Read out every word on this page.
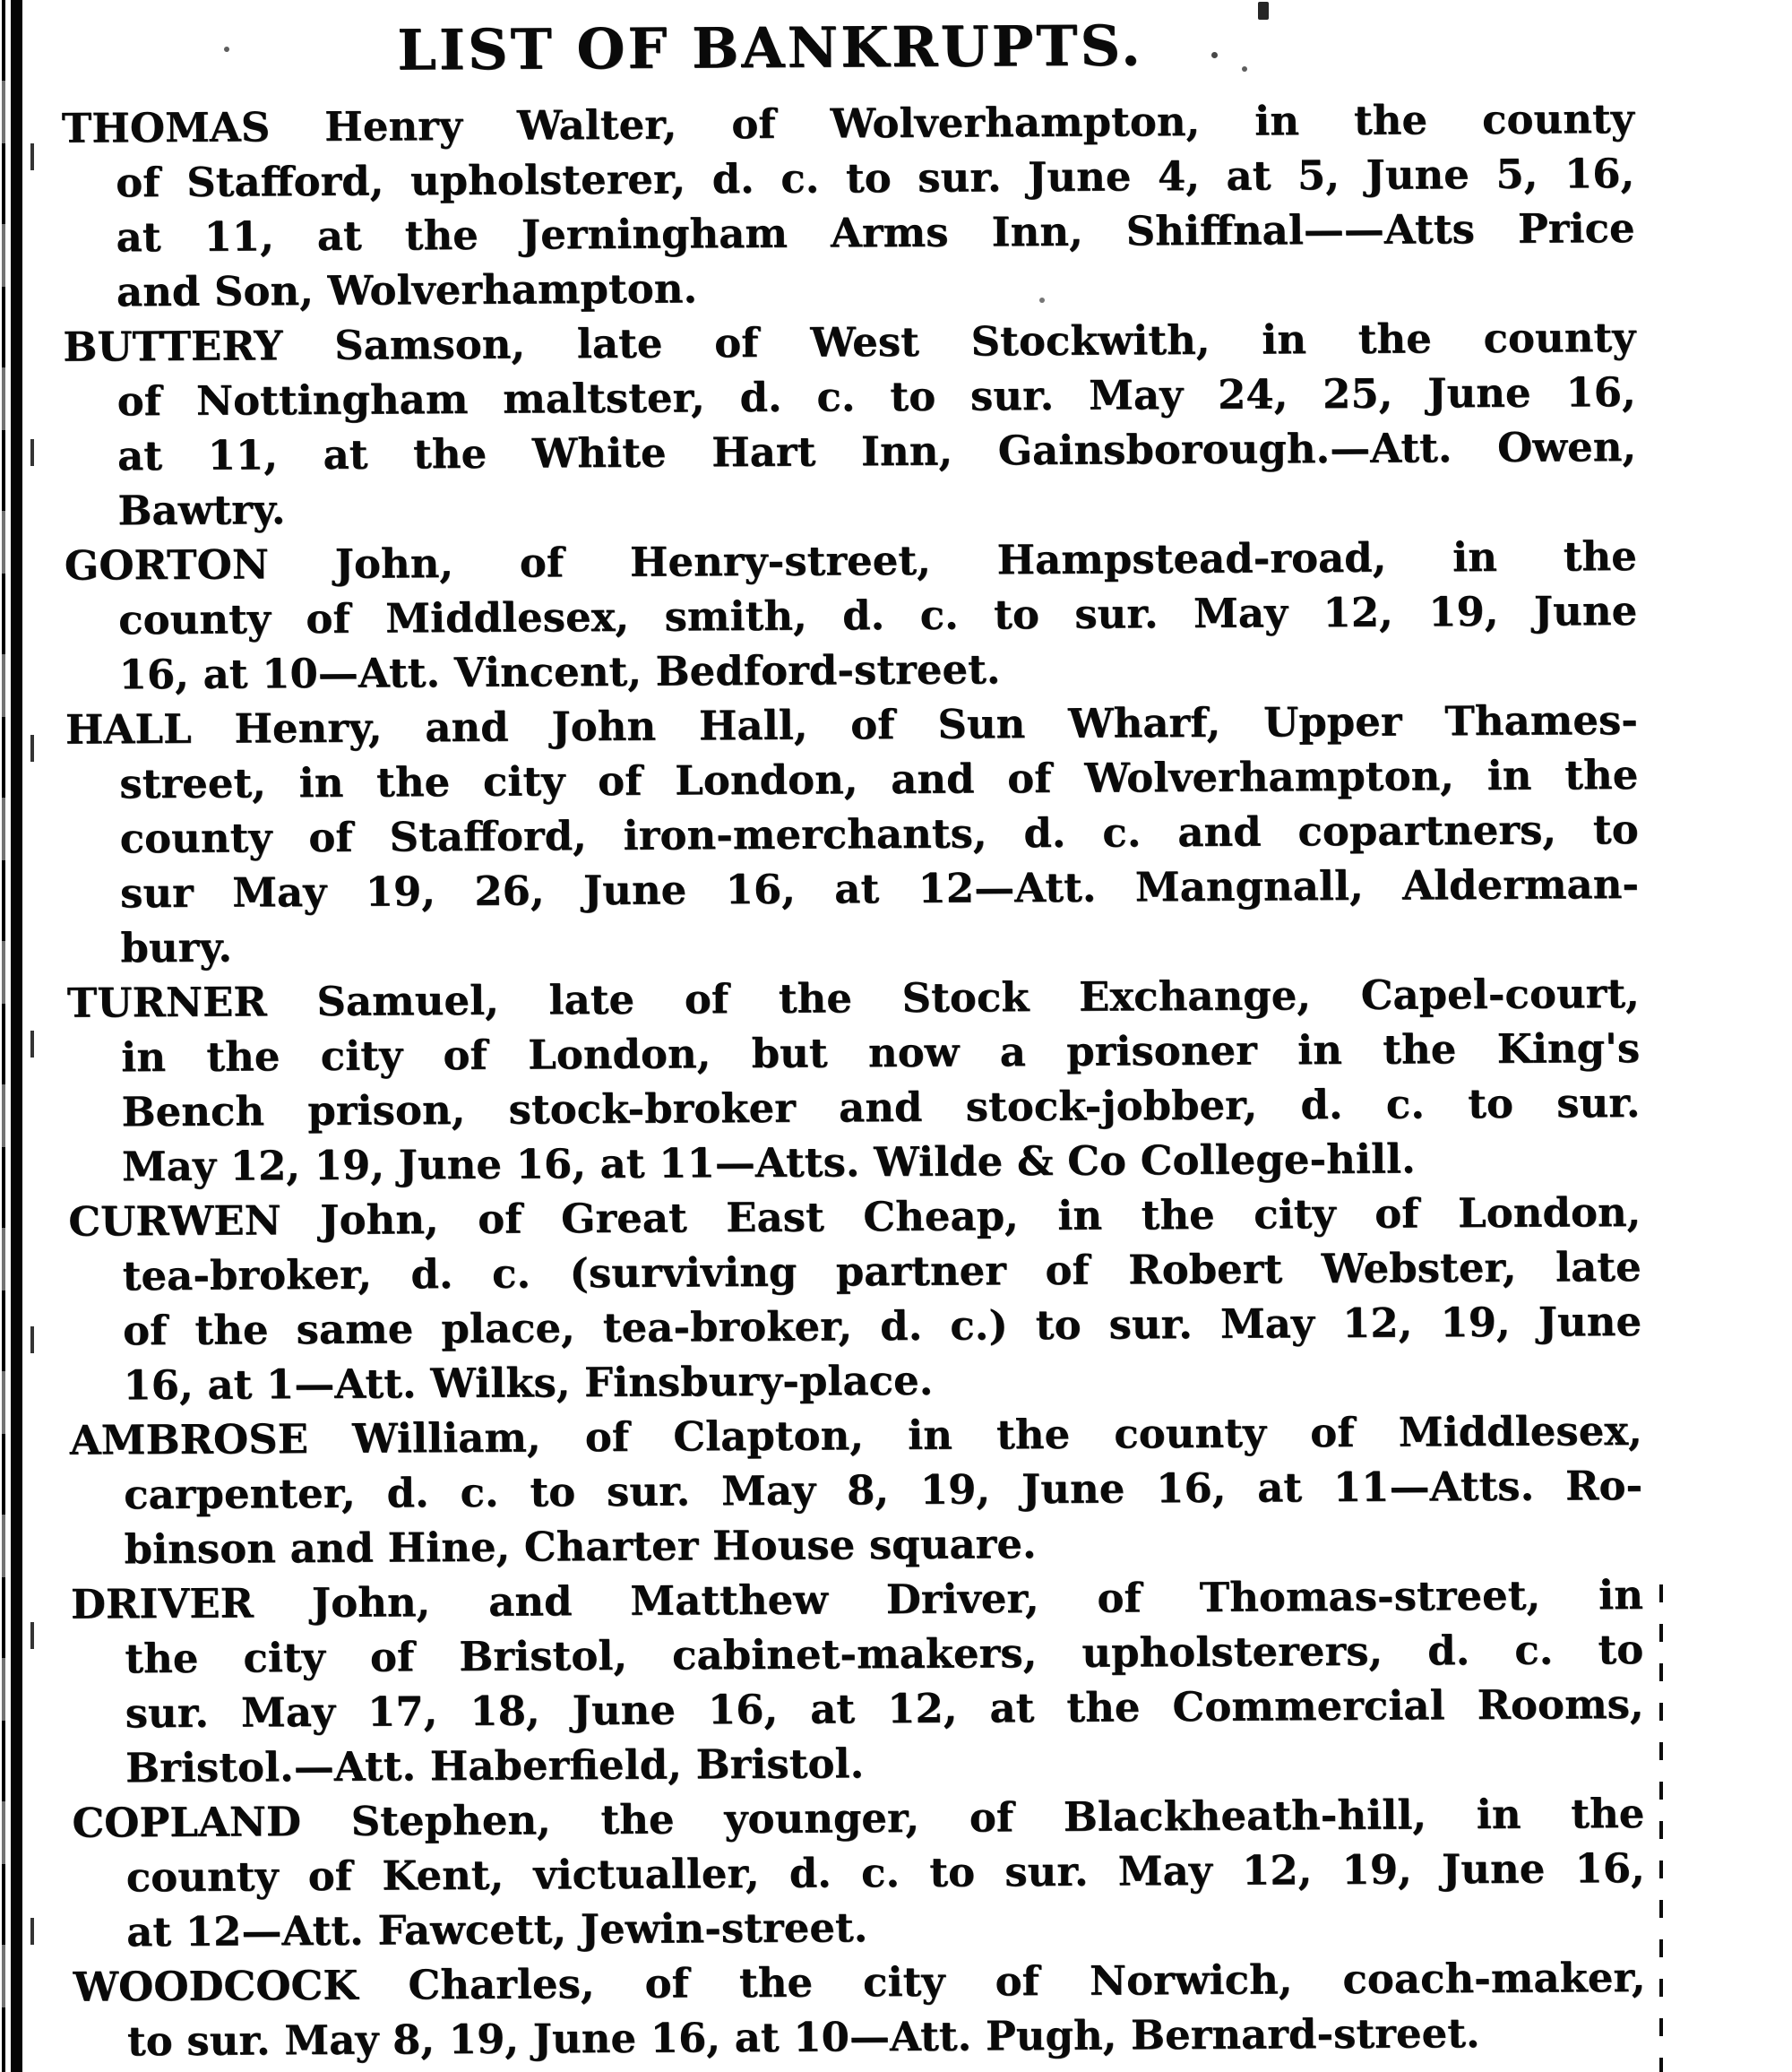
LIST OF BANKRUPTS.
THOMAS Henry Walter, of Wolverhampton, in the county
of Stafford, upholsterer, d. c. to sur. June 4, at 5, June 5, 16,
at 11, at the Jerningham Arms Inn, Shiffnal——Atts Price
and Son, Wolverhampton.
BUTTERY Samson, late of West Stockwith, in the county
of Nottingham maltster, d. c. to sur. May 24, 25, June 16,
at 11, at the White Hart Inn, Gainsborough.—Att. Owen,
Bawtry.
GORTON John, of Henry-street, Hampstead-road, in the
county of Middlesex, smith, d. c. to sur. May 12, 19, June
16, at 10—Att. Vincent, Bedford-street.
HALL Henry, and John Hall, of Sun Wharf, Upper Thames-
street, in the city of London, and of Wolverhampton, in the
county of Stafford, iron-merchants, d. c. and copartners, to
sur May 19, 26, June 16, at 12—Att. Mangnall, Alderman-
bury.
TURNER Samuel, late of the Stock Exchange, Capel-court,
in the city of London, but now a prisoner in the King's
Bench prison, stock-broker and stock-jobber, d. c. to sur.
May 12, 19, June 16, at 11—Atts. Wilde & Co College-hill.
CURWEN John, of Great East Cheap, in the city of London,
tea-broker, d. c. (surviving partner of Robert Webster, late
of the same place, tea-broker, d. c.) to sur. May 12, 19, June
16, at 1—Att. Wilks, Finsbury-place.
AMBROSE William, of Clapton, in the county of Middlesex,
carpenter, d. c. to sur. May 8, 19, June 16, at 11—Atts. Ro-
binson and Hine, Charter House square.
DRIVER John, and Matthew Driver, of Thomas-street, in
the city of Bristol, cabinet-makers, upholsterers, d. c. to
sur. May 17, 18, June 16, at 12, at the Commercial Rooms,
Bristol.—Att. Haberfield, Bristol.
COPLAND Stephen, the younger, of Blackheath-hill, in the
county of Kent, victualler, d. c. to sur. May 12, 19, June 16,
at 12—Att. Fawcett, Jewin-street.
WOODCOCK Charles, of the city of Norwich, coach-maker,
to sur. May 8, 19, June 16, at 10—Att. Pugh, Bernard-street.
